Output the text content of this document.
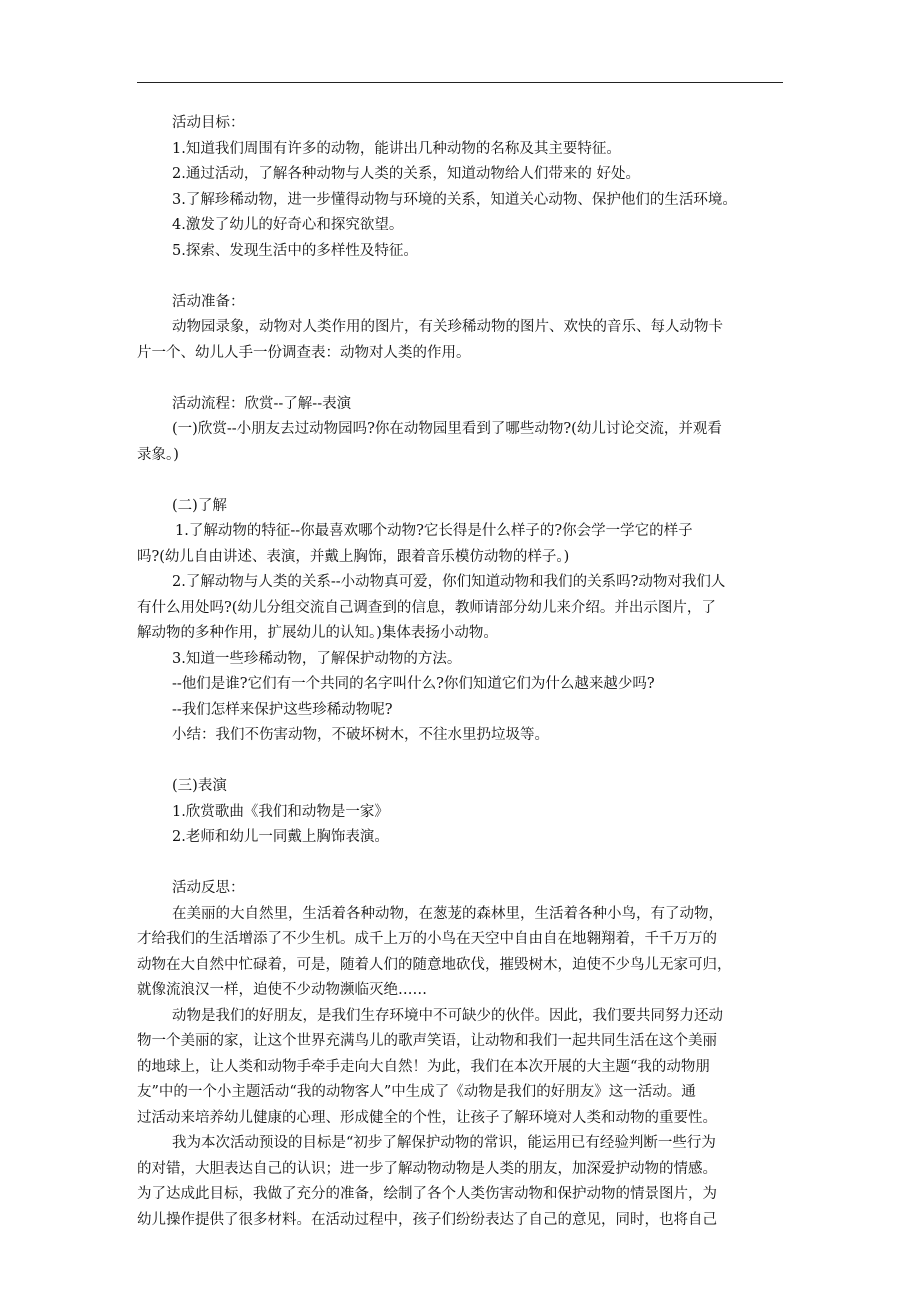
活动目标：
1.知道我们周围有许多的动物，能讲出几种动物的名称及其主要特征。
2.通过活动，了解各种动物与人类的关系，知道动物给人们带来的 好处。
3.了解珍稀动物，进一步懂得动物与环境的关系，知道关心动物、保护他们的生活环境。
4.激发了幼儿的好奇心和探究欲望。
5.探索、发现生活中的多样性及特征。
活动准备：
动物园录象，动物对人类作用的图片，有关珍稀动物的图片、欢快的音乐、每人动物卡
片一个、幼儿人手一份调查表：动物对人类的作用。
活动流程：欣赏--了解--表演
(一)欣赏--小朋友去过动物园吗?你在动物园里看到了哪些动物?(幼儿讨论交流，并观看
录象。)
(二)了解
1.了解动物的特征--你最喜欢哪个动物?它长得是什么样子的?你会学一学它的样子
吗?(幼儿自由讲述、表演，并戴上胸饰，跟着音乐模仿动物的样子。)
2.了解动物与人类的关系--小动物真可爱，你们知道动物和我们的关系吗?动物对我们人
有什么用处吗?(幼儿分组交流自己调查到的信息，教师请部分幼儿来介绍。并出示图片，了
解动物的多种作用，扩展幼儿的认知。)集体表扬小动物。
3.知道一些珍稀动物，了解保护动物的方法。
--他们是谁?它们有一个共同的名字叫什么?你们知道它们为什么越来越少吗?
--我们怎样来保护这些珍稀动物呢?
小结：我们不伤害动物，不破坏树木，不往水里扔垃圾等。
(三)表演
1.欣赏歌曲《我们和动物是一家》
2.老师和幼儿一同戴上胸饰表演。
活动反思：
在美丽的大自然里，生活着各种动物，在葱茏的森林里，生活着各种小鸟，有了动物，
才给我们的生活增添了不少生机。成千上万的小鸟在天空中自由自在地翱翔着，千千万万的
动物在大自然中忙碌着，可是，随着人们的随意地砍伐，摧毁树木，迫使不少鸟儿无家可归，
就像流浪汉一样，迫使不少动物濒临灭绝……
动物是我们的好朋友，是我们生存环境中不可缺少的伙伴。因此，我们要共同努力还动
物一个美丽的家，让这个世界充满鸟儿的歌声笑语，让动物和我们一起共同生活在这个美丽
的地球上，让人类和动物手牵手走向大自然！为此，我们在本次开展的大主题“我的动物朋
友”中的一个小主题活动“我的动物客人”中生成了《动物是我们的好朋友》这一活动。通
过活动来培养幼儿健康的心理、形成健全的个性，让孩子了解环境对人类和动物的重要性。
我为本次活动预设的目标是“初步了解保护动物的常识，能运用已有经验判断一些行为
的对错，大胆表达自己的认识；进一步了解动物动物是人类的朋友，加深爱护动物的情感。
为了达成此目标，我做了充分的准备，绘制了各个人类伤害动物和保护动物的情景图片，为
幼儿操作提供了很多材料。在活动过程中，孩子们纷纷表达了自己的意见，同时，也将自己
